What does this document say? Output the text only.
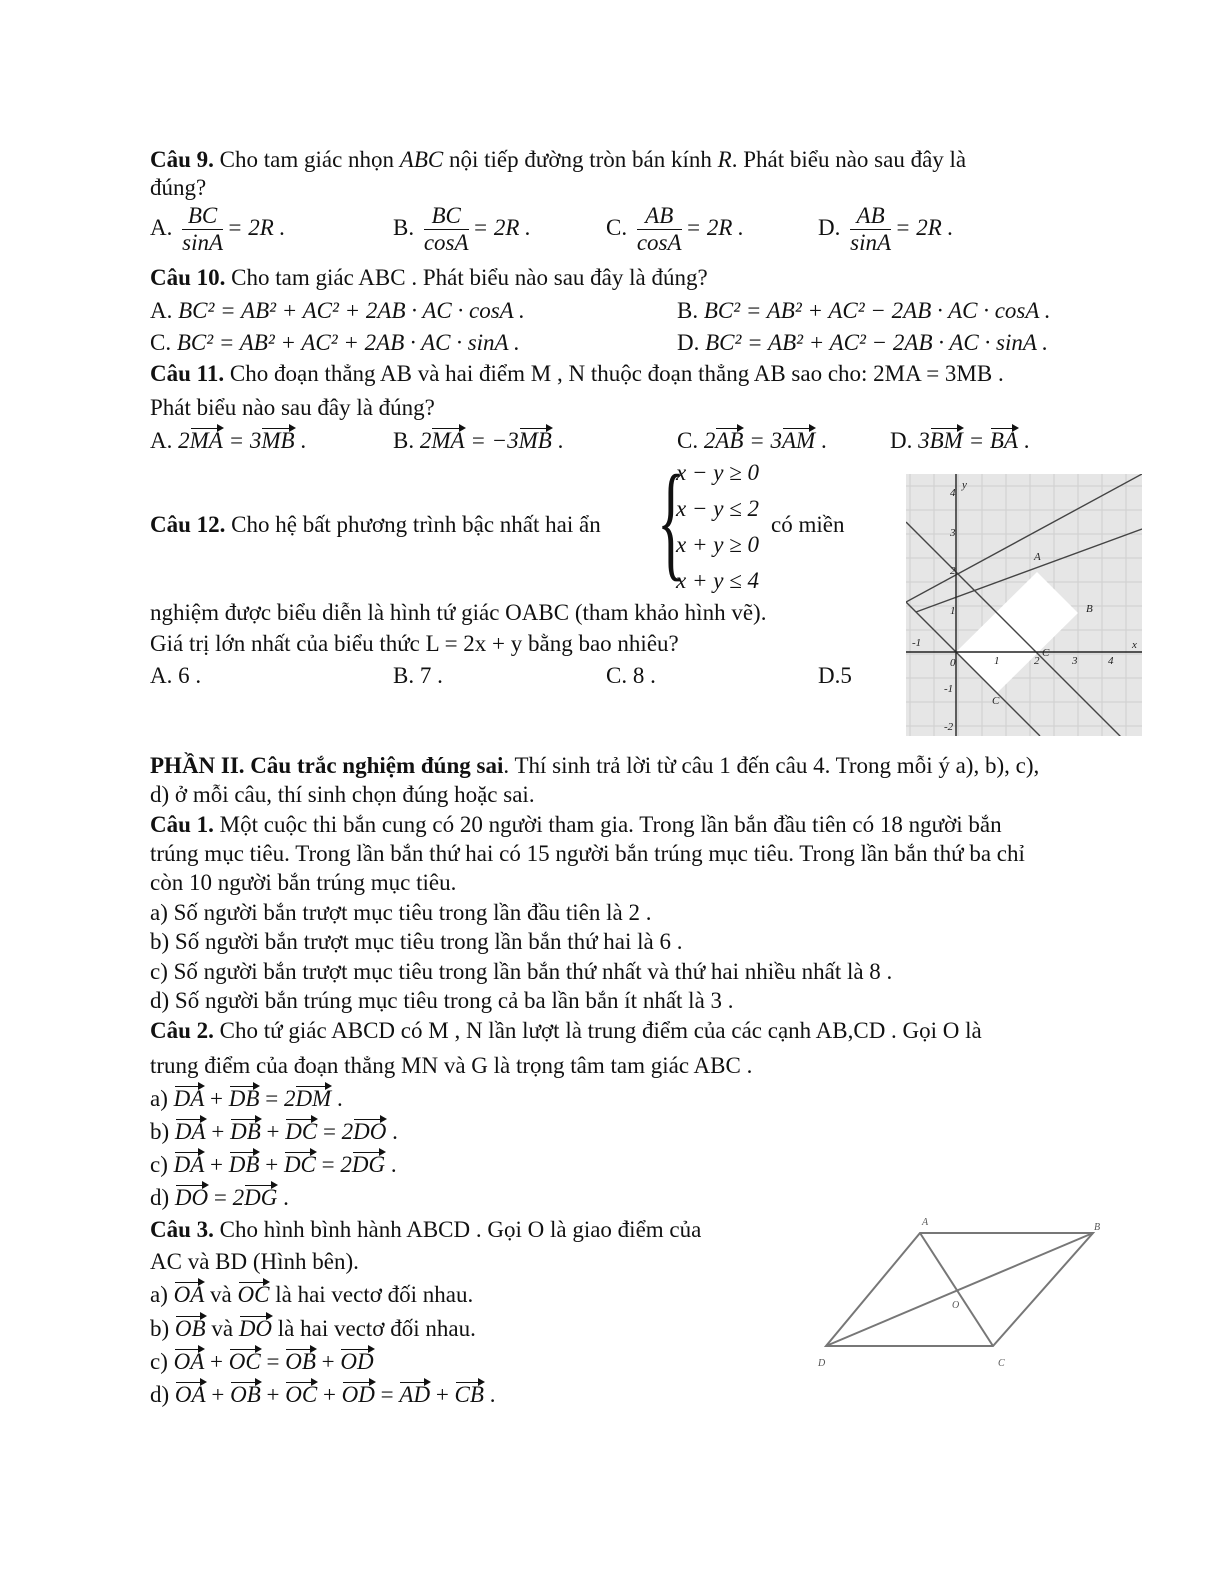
Câu 9. Cho tam giác nhọn ABC nội tiếp đường tròn bán kính R. Phát biểu nào sau đây là
đúng?
A. $\frac{BC}{\sin A} = 2R$ .	B. $\frac{BC}{\cos A} = 2R$ .	C. $\frac{AB}{\cos A} = 2R$ .	D. $\frac{AB}{\sin A} = 2R$ .
Câu 10. Cho tam giác ABC . Phát biểu nào sau đây là đúng?
A. BC² = AB² + AC² + 2AB · AC · cosA .	B. BC² = AB² + AC² − 2AB · AC · cosA .
C. BC² = AB² + AC² + 2AB · AC · sinA .	D. BC² = AB² + AC² − 2AB · AC · sinA .
Câu 11. Cho đoạn thẳng AB và hai điểm M , N thuộc đoạn thẳng AB sao cho: 2MA = 3MB .
Phát biểu nào sau đây là đúng?
A. 2MA = 3MB .	B. 2MA = −3MB .	C. 2AB = 3AM .	D. 3BM = BA .
Câu 12. Cho hệ bất phương trình bậc nhất hai ẩn {
x − y ≥ 0
x − y ≤ 2
x + y ≥ 0
x + y ≤ 4
có miền
nghiệm được biểu diễn là hình tứ giác OABC (tham khảo hình vẽ).
Giá trị lớn nhất của biểu thức L = 2x + y bằng bao nhiêu?
A. 6 .	B. 7 .	C. 8 .	D.5
y
x
-1
0	1	2	3	4
4
3
2
1
-1
-2
A
B
C
C
PHẦN II. Câu trắc nghiệm đúng sai. Thí sinh trả lời từ câu 1 đến câu 4. Trong mỗi ý a), b), c),
d) ở mỗi câu, thí sinh chọn đúng hoặc sai.
Câu 1. Một cuộc thi bắn cung có 20 người tham gia. Trong lần bắn đầu tiên có 18 người bắn
trúng mục tiêu. Trong lần bắn thứ hai có 15 người bắn trúng mục tiêu. Trong lần bắn thứ ba chỉ
còn 10 người bắn trúng mục tiêu.
a) Số người bắn trượt mục tiêu trong lần đầu tiên là 2 .
b) Số người bắn trượt mục tiêu trong lần bắn thứ hai là 6 .
c) Số người bắn trượt mục tiêu trong lần bắn thứ nhất và thứ hai nhiều nhất là 8 .
d) Số người bắn trúng mục tiêu trong cả ba lần bắn ít nhất là 3 .
Câu 2. Cho tứ giác ABCD có M , N lần lượt là trung điểm của các cạnh AB,CD . Gọi O là
trung điểm của đoạn thẳng MN và G là trọng tâm tam giác ABC .
a) DA + DB = 2DM .
b) DA + DB + DC = 2DO .
c) DA + DB + DC = 2DG .
d) DO = 2DG .
Câu 3. Cho hình bình hành ABCD . Gọi O là giao điểm của
AC và BD (Hình bên).
a) OA và OC là hai vectơ đối nhau.
b) OB và DO là hai vectơ đối nhau.
c) OA + OC = OB + OD
d) OA + OB + OC + OD = AD + CB .
A	B
C
D
O
